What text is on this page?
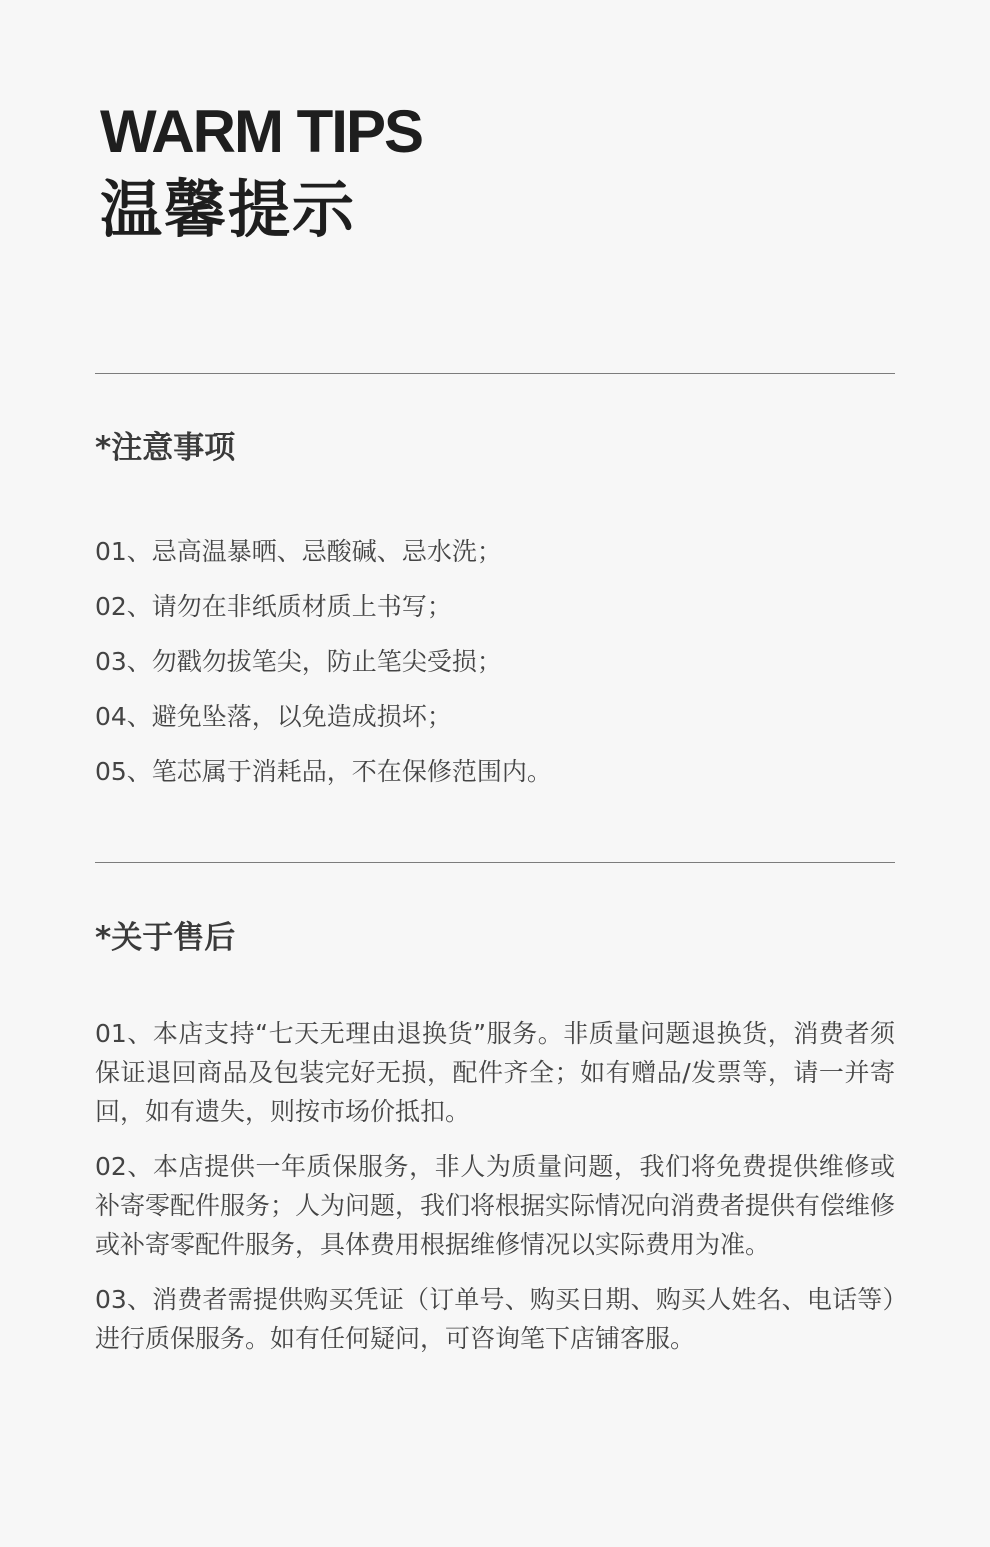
WARM TIPS
温馨提示
*注意事项
01、忌高温暴晒、忌酸碱、忌水洗；
02、请勿在非纸质材质上书写；
03、勿戳勿拔笔尖，防止笔尖受损；
04、避免坠落，以免造成损坏；
05、笔芯属于消耗品，不在保修范围内。
*关于售后

01、本店支持“七天无理由退换货”服务。非质量问题退换货，消费者须保证退回商品及包装完好无损，配件齐全；如有赠品/发票等，请一并寄回，如有遗失，则按市场价抵扣。

02、本店提供一年质保服务，非人为质量问题，我们将免费提供维修或补寄零配件服务；人为问题，我们将根据实际情况向消费者提供有偿维修或补寄零配件服务，具体费用根据维修情况以实际费用为准。

03、消费者需提供购买凭证（订单号、购买日期、购买人姓名、电话等）进行质保服务。如有任何疑问，可咨询笔下店铺客服。
